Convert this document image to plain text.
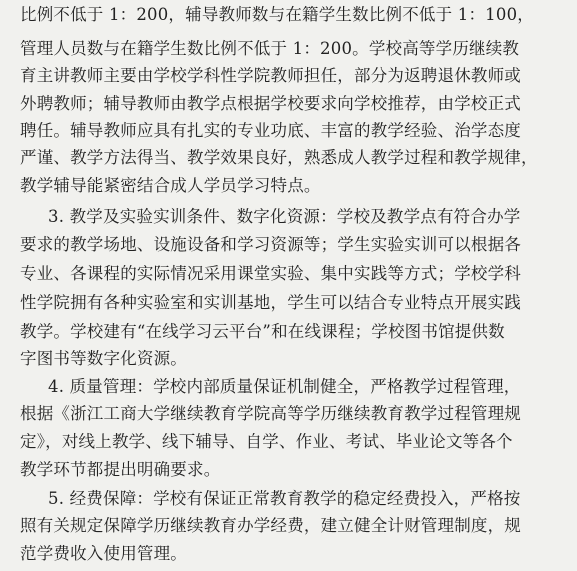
比例不低于 1：200，辅导教师数与在籍学生数比例不低于 1：100，
管理人员数与在籍学生数比例不低于 1：200。学校高等学历继续教
育主讲教师主要由学校学科性学院教师担任，部分为返聘退休教师或
外聘教师；辅导教师由教学点根据学校要求向学校推荐，由学校正式
聘任。辅导教师应具有扎实的专业功底、丰富的教学经验、治学态度
严谨、教学方法得当、教学效果良好，熟悉成人教学过程和教学规律，
教学辅导能紧密结合成人学员学习特点。
3. 教学及实验实训条件、数字化资源：学校及教学点有符合办学
要求的教学场地、设施设备和学习资源等；学生实验实训可以根据各
专业、各课程的实际情况采用课堂实验、集中实践等方式；学校学科
性学院拥有各种实验室和实训基地，学生可以结合专业特点开展实践
教学。学校建有“在线学习云平台”和在线课程；学校图书馆提供数
字图书等数字化资源。
4. 质量管理：学校内部质量保证机制健全，严格教学过程管理，
根据《浙江工商大学继续教育学院高等学历继续教育教学过程管理规
定》，对线上教学、线下辅导、自学、作业、考试、毕业论文等各个
教学环节都提出明确要求。
5. 经费保障：学校有保证正常教育教学的稳定经费投入，严格按
照有关规定保障学历继续教育办学经费，建立健全计财管理制度，规
范学费收入使用管理。
